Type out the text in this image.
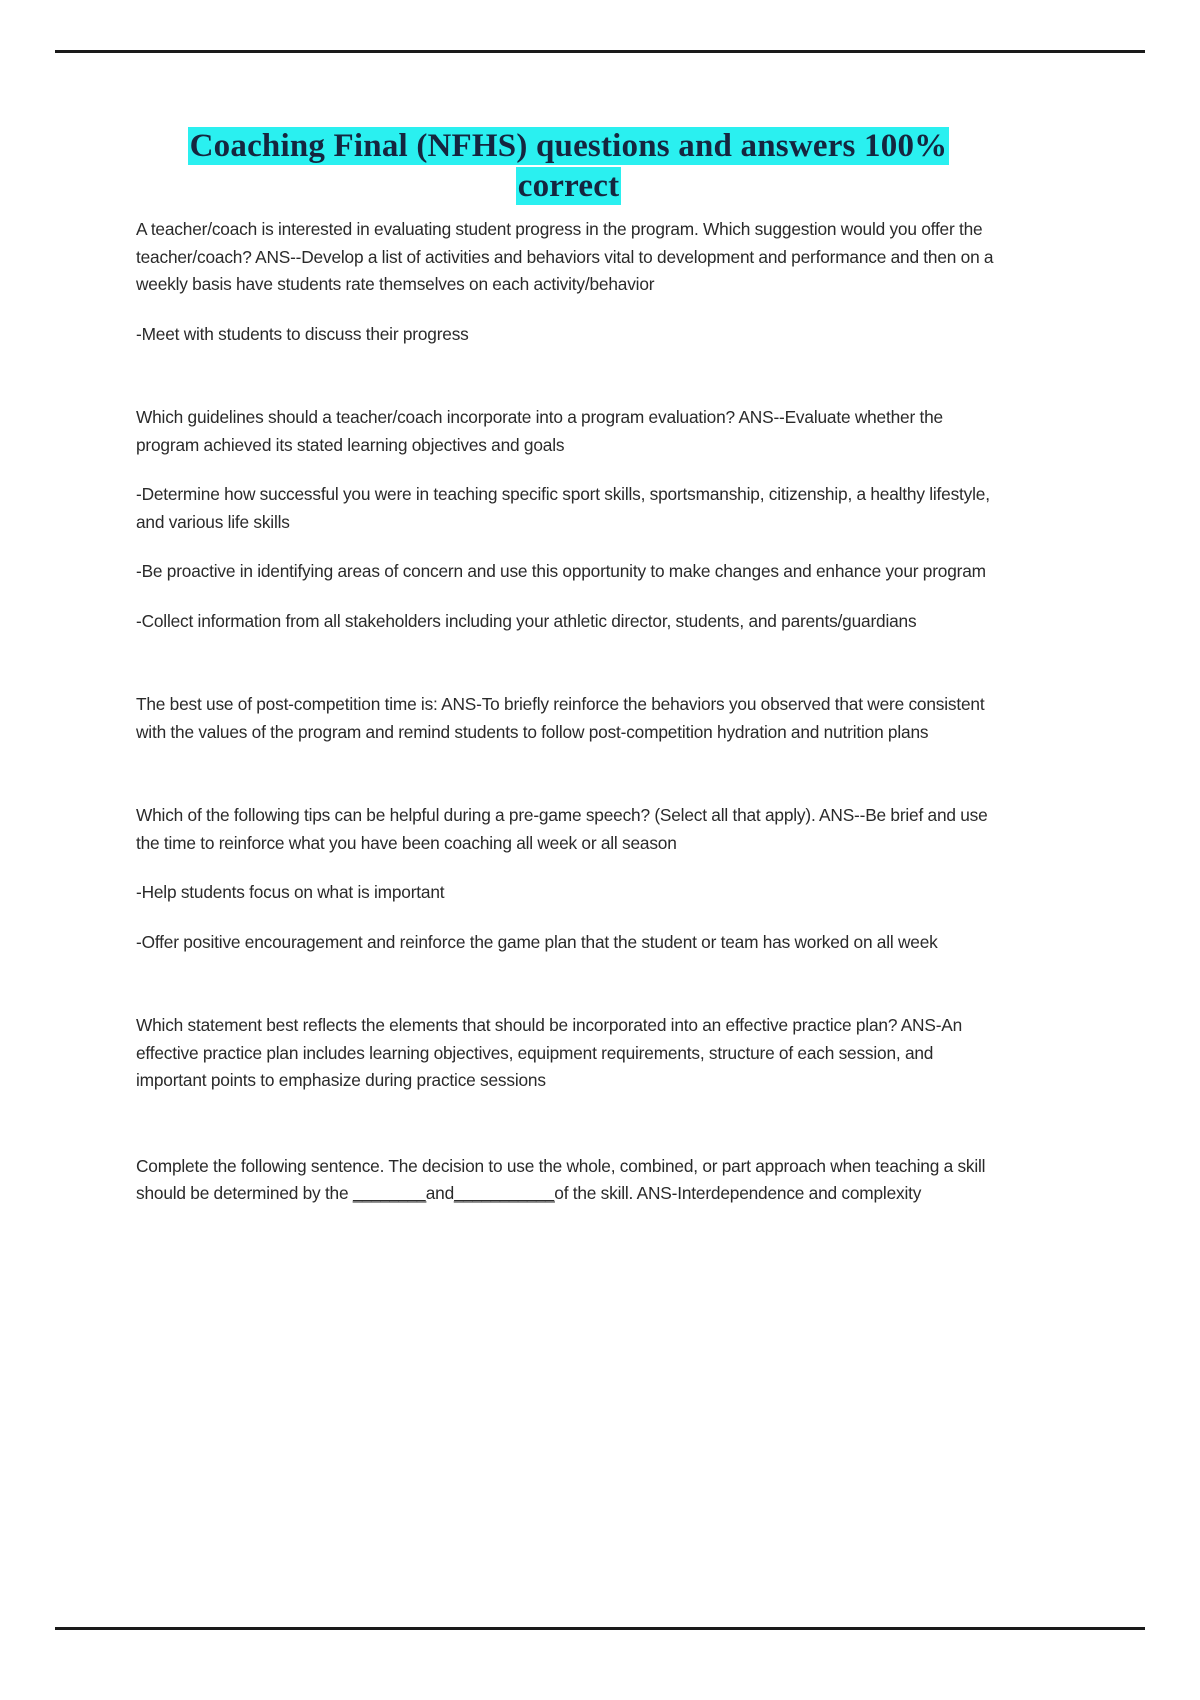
Coaching Final (NFHS) questions and answers 100%
correct

A teacher/coach is interested in evaluating student progress in the program. Which suggestion would you offer the teacher/coach? ANS--Develop a list of activities and behaviors vital to development and performance and then on a weekly basis have students rate themselves on each activity/behavior

-Meet with students to discuss their progress

Which guidelines should a teacher/coach incorporate into a program evaluation? ANS--Evaluate whether the program achieved its stated learning objectives and goals

-Determine how successful you were in teaching specific sport skills, sportsmanship, citizenship, a healthy lifestyle, and various life skills

-Be proactive in identifying areas of concern and use this opportunity to make changes and enhance your program

-Collect information from all stakeholders including your athletic director, students, and parents/guardians

The best use of post-competition time is: ANS-To briefly reinforce the behaviors you observed that were consistent with the values of the program and remind students to follow post-competition hydration and nutrition plans

Which of the following tips can be helpful during a pre-game speech? (Select all that apply). ANS--Be brief and use the time to reinforce what you have been coaching all week or all season

-Help students focus on what is important

-Offer positive encouragement and reinforce the game plan that the student or team has worked on all week

Which statement best reflects the elements that should be incorporated into an effective practice plan? ANS-An effective practice plan includes learning objectives, equipment requirements, structure of each session, and important points to emphasize during practice sessions

Complete the following sentence. The decision to use the whole, combined, or part approach when teaching a skill should be determined by the ________and___________of the skill. ANS-Interdependence and complexity
